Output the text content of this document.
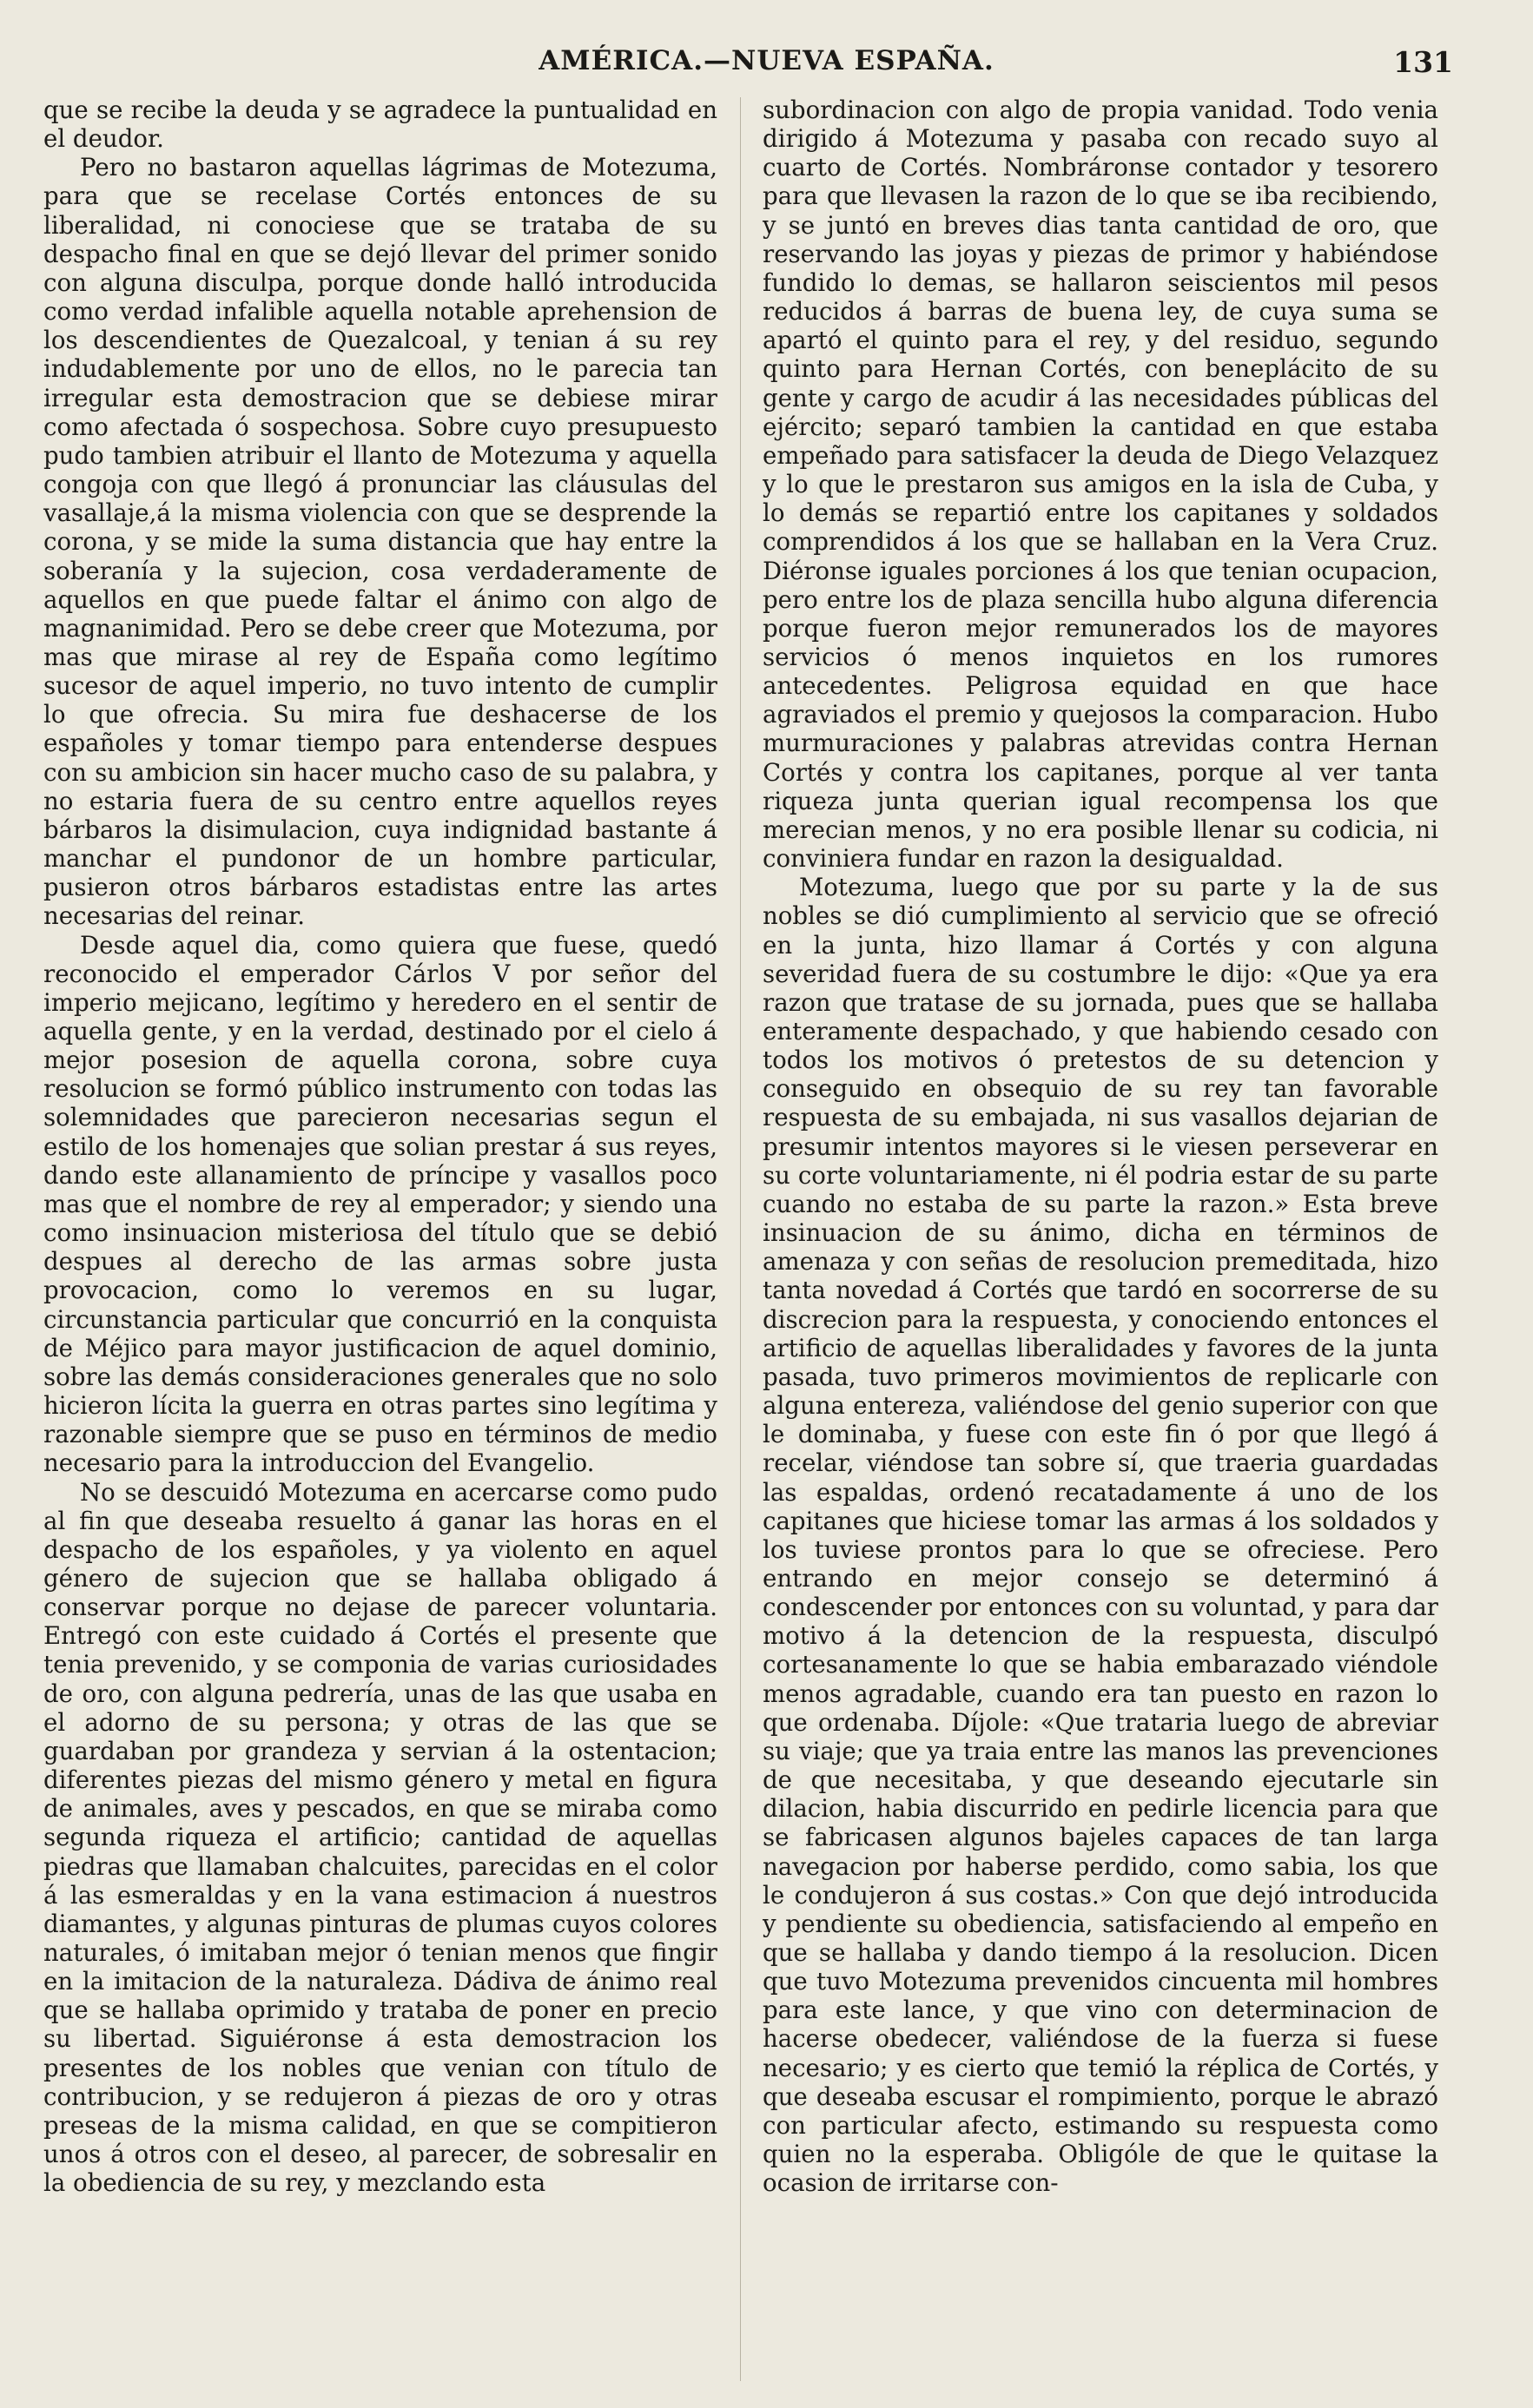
AMÉRICA.—NUEVA ESPAÑA.	131

que se recibe la deuda y se agradece la puntualidad en el deudor.

Pero no bastaron aquellas lágrimas de Motezuma, para que se recelase Cortés entonces de su liberalidad, ni conociese que se trataba de su despacho final en que se dejó llevar del primer sonido con alguna disculpa, porque donde halló introducida como verdad infalible aquella notable aprehension de los descendientes de Quezalcoal, y tenian á su rey indudablemente por uno de ellos, no le parecia tan irregular esta demostracion que se debiese mirar como afectada ó sospechosa. Sobre cuyo presupuesto pudo tambien atribuir el llanto de Motezuma y aquella congoja con que llegó á pronunciar las cláusulas del vasallaje,á la misma violencia con que se desprende la corona, y se mide la suma distancia que hay entre la soberanía y la sujecion, cosa verdaderamente de aquellos en que puede faltar el ánimo con algo de magnanimidad. Pero se debe creer que Motezuma, por mas que mirase al rey de España como legítimo sucesor de aquel imperio, no tuvo intento de cumplir lo que ofrecia. Su mira fue deshacerse de los españoles y tomar tiempo para entenderse despues con su ambicion sin hacer mucho caso de su palabra, y no estaria fuera de su centro entre aquellos reyes bárbaros la disimulacion, cuya indignidad bastante á manchar el pundonor de un hombre particular, pusieron otros bárbaros estadistas entre las artes necesarias del reinar.

Desde aquel dia, como quiera que fuese, quedó reconocido el emperador Cárlos V por señor del imperio mejicano, legítimo y heredero en el sentir de aquella gente, y en la verdad, destinado por el cielo á mejor posesion de aquella corona, sobre cuya resolucion se formó público instrumento con todas las solemnidades que parecieron necesarias segun el estilo de los homenajes que solian prestar á sus reyes, dando este allanamiento de príncipe y vasallos poco mas que el nombre de rey al emperador; y siendo una como insinuacion misteriosa del título que se debió despues al derecho de las armas sobre justa provocacion, como lo veremos en su lugar, circunstancia particular que concurrió en la conquista de Méjico para mayor justificacion de aquel dominio, sobre las demás consideraciones generales que no solo hicieron lícita la guerra en otras partes sino legítima y razonable siempre que se puso en términos de medio necesario para la introduccion del Evangelio.

No se descuidó Motezuma en acercarse como pudo al fin que deseaba resuelto á ganar las horas en el despacho de los españoles, y ya violento en aquel género de sujecion que se hallaba obligado á conservar porque no dejase de parecer voluntaria. Entregó con este cuidado á Cortés el presente que tenia prevenido, y se componia de varias curiosidades de oro, con alguna pedrería, unas de las que usaba en el adorno de su persona; y otras de las que se guardaban por grandeza y servian á la ostentacion; diferentes piezas del mismo género y metal en figura de animales, aves y pescados, en que se miraba como segunda riqueza el artificio; cantidad de aquellas piedras que llamaban chalcuites, parecidas en el color á las esmeraldas y en la vana estimacion á nuestros diamantes, y algunas pinturas de plumas cuyos colores naturales, ó imitaban mejor ó tenian menos que fingir en la imitacion de la naturaleza. Dádiva de ánimo real que se hallaba oprimido y trataba de poner en precio su libertad. Siguiéronse á esta demostracion los presentes de los nobles que venian con título de contribucion, y se redujeron á piezas de oro y otras preseas de la misma calidad, en que se compitieron unos á otros con el deseo, al parecer, de sobresalir en la obediencia de su rey, y mezclando esta

subordinacion con algo de propia vanidad. Todo venia dirigido á Motezuma y pasaba con recado suyo al cuarto de Cortés. Nombráronse contador y tesorero para que llevasen la razon de lo que se iba recibiendo, y se juntó en breves dias tanta cantidad de oro, que reservando las joyas y piezas de primor y habiéndose fundido lo demas, se hallaron seiscientos mil pesos reducidos á barras de buena ley, de cuya suma se apartó el quinto para el rey, y del residuo, segundo quinto para Hernan Cortés, con beneplácito de su gente y cargo de acudir á las necesidades públicas del ejército; separó tambien la cantidad en que estaba empeñado para satisfacer la deuda de Diego Velazquez y lo que le prestaron sus amigos en la isla de Cuba, y lo demás se repartió entre los capitanes y soldados comprendidos á los que se hallaban en la Vera Cruz. Diéronse iguales porciones á los que tenian ocupacion, pero entre los de plaza sencilla hubo alguna diferencia porque fueron mejor remunerados los de mayores servicios ó menos inquietos en los rumores antecedentes. Peligrosa equidad en que hace agraviados el premio y quejosos la comparacion. Hubo murmuraciones y palabras atrevidas contra Hernan Cortés y contra los capitanes, porque al ver tanta riqueza junta querian igual recompensa los que merecian menos, y no era posible llenar su codicia, ni conviniera fundar en razon la desigualdad.

Motezuma, luego que por su parte y la de sus nobles se dió cumplimiento al servicio que se ofreció en la junta, hizo llamar á Cortés y con alguna severidad fuera de su costumbre le dijo: «Que ya era razon que tratase de su jornada, pues que se hallaba enteramente despachado, y que habiendo cesado con todos los motivos ó pretestos de su detencion y conseguido en obsequio de su rey tan favorable respuesta de su embajada, ni sus vasallos dejarian de presumir intentos mayores si le viesen perseverar en su corte voluntariamente, ni él podria estar de su parte cuando no estaba de su parte la razon.» Esta breve insinuacion de su ánimo, dicha en términos de amenaza y con señas de resolucion premeditada, hizo tanta novedad á Cortés que tardó en socorrerse de su discrecion para la respuesta, y conociendo entonces el artificio de aquellas liberalidades y favores de la junta pasada, tuvo primeros movimientos de replicarle con alguna entereza, valiéndose del genio superior con que le dominaba, y fuese con este fin ó por que llegó á recelar, viéndose tan sobre sí, que traeria guardadas las espaldas, ordenó recatadamente á uno de los capitanes que hiciese tomar las armas á los soldados y los tuviese prontos para lo que se ofreciese. Pero entrando en mejor consejo se determinó á condescender por entonces con su voluntad, y para dar motivo á la detencion de la respuesta, disculpó cortesanamente lo que se habia embarazado viéndole menos agradable, cuando era tan puesto en razon lo que ordenaba. Díjole: «Que trataria luego de abreviar su viaje; que ya traia entre las manos las prevenciones de que necesitaba, y que deseando ejecutarle sin dilacion, habia discurrido en pedirle licencia para que se fabricasen algunos bajeles capaces de tan larga navegacion por haberse perdido, como sabia, los que le condujeron á sus costas.» Con que dejó introducida y pendiente su obediencia, satisfaciendo al empeño en que se hallaba y dando tiempo á la resolucion. Dicen que tuvo Motezuma prevenidos cincuenta mil hombres para este lance, y que vino con determinacion de hacerse obedecer, valiéndose de la fuerza si fuese necesario; y es cierto que temió la réplica de Cortés, y que deseaba escusar el rompimiento, porque le abrazó con particular afecto, estimando su respuesta como quien no la esperaba. Obligóle de que le quitase la ocasion de irritarse con-
